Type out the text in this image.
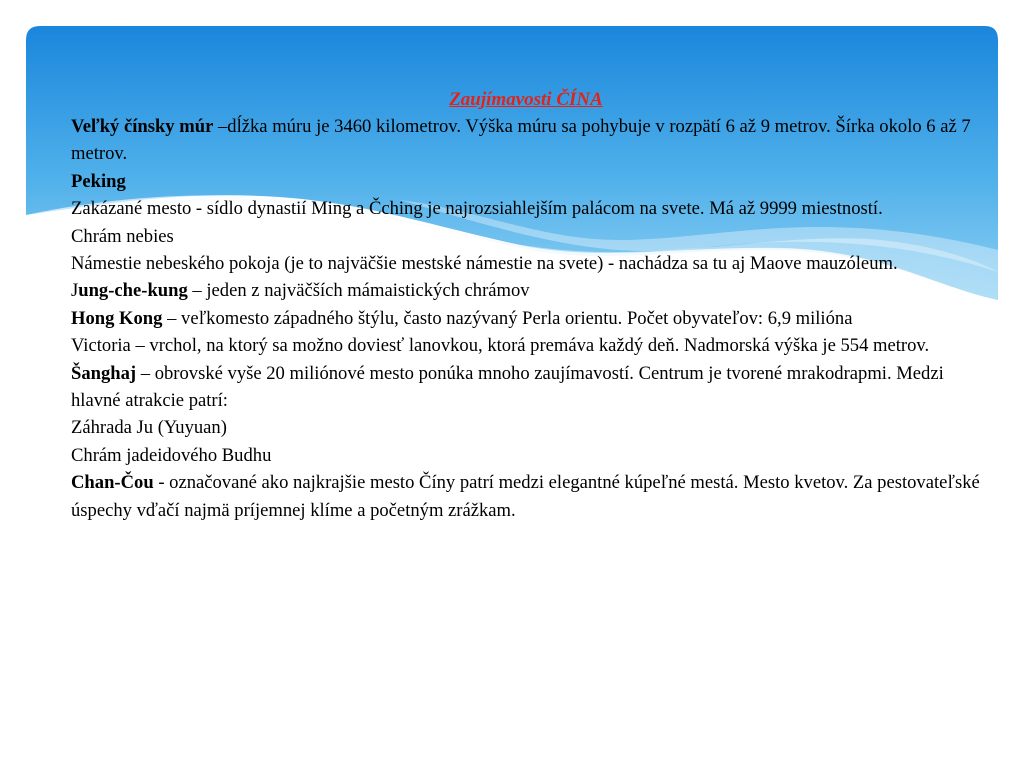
Zaujímavosti ČÍNA

Veľký čínsky múr –dĺžka múru je 3460 kilometrov. Výška múru sa pohybuje v rozpätí 6 až 9 metrov. Šírka okolo 6 až 7 metrov.

Peking

Zakázané mesto - sídlo dynastií Ming a Čching je najrozsiahlejším palácom na svete. Má až 9999 miestností.

Chrám nebies

Námestie nebeského pokoja (je to najväčšie mestské námestie na svete) - nachádza sa tu aj Maove mauzóleum.

Jung-che-kung – jeden z najväčších mámaistických chrámov

Hong Kong – veľkomesto západného štýlu, často nazývaný Perla orientu. Počet obyvateľov: 6,9 milióna

Victoria – vrchol, na ktorý sa možno doviesť lanovkou, ktorá premáva každý deň. Nadmorská výška je 554 metrov.

Šanghaj – obrovské vyše 20 miliónové mesto ponúka mnoho zaujímavostí. Centrum je tvorené mrakodrapmi. Medzi hlavné atrakcie patrí:

Záhrada Ju (Yuyuan)

Chrám jadeidového Budhu

Chan-Čou - označované ako najkrajšie mesto Číny patrí medzi elegantné kúpeľné mestá. Mesto kvetov. Za pestovateľské úspechy vďačí najmä príjemnej klíme a početným zrážkam.
